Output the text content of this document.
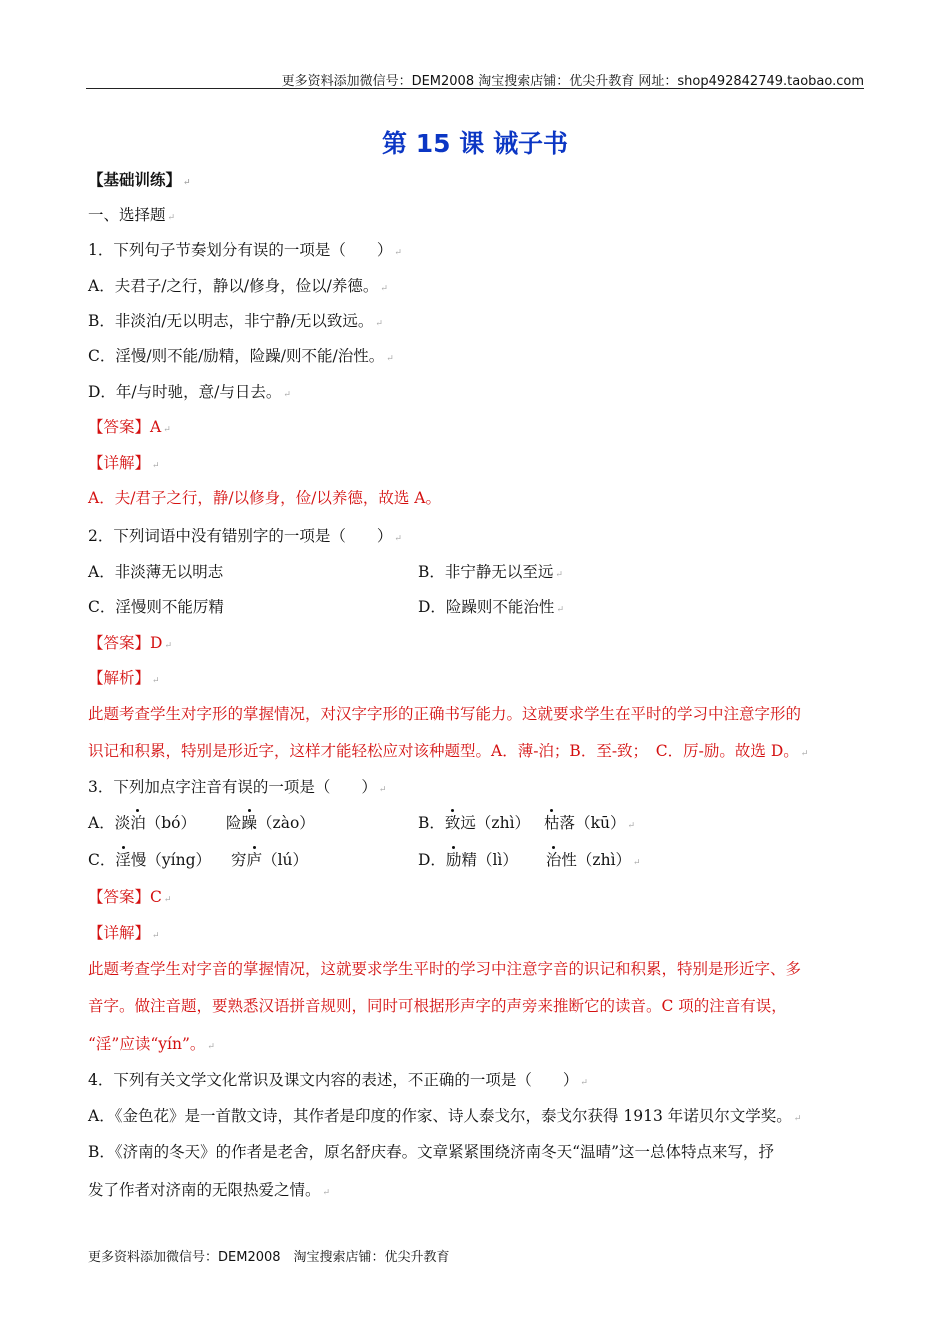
更多资料添加微信号：DEM2008 淘宝搜索店铺：优尖升教育 网址：shop492842749.taobao.com
第 15 课 诫子书
【基础训练】 ↵
一、选择题 ↵
1．下列句子节奏划分有误的一项是（　　） ↵
A．夫君子/之行，静以/修身，俭以/养德。 ↵
B．非淡泊/无以明志，非宁静/无以致远。 ↵
C．淫慢/则不能/励精，险躁/则不能/治性。 ↵
D．年/与时驰，意/与日去。 ↵
【答案】A ↵
【详解】 ↵
A．夫/君子之行，静/以修身，俭/以养德，故选 A。
2．下列词语中没有错别字的一项是（　　） ↵
A．非淡薄无以明志	B．非宁静无以至远 ↵
C．淫慢则不能厉精	D．险躁则不能治性 ↵
【答案】D ↵
【解析】 ↵
此题考查学生对字形的掌握情况，对汉字字形的正确书写能力。这就要求学生在平时的学习中注意字形的
识记和积累，特别是形近字，这样才能轻松应对该种题型。A．薄-泊；B．至-致；　C．厉-励。故选 D。 ↵
3．下列加点字注音有误的一项是（　　） ↵
A．淡泊（bó） 险躁（zào）	B．致远（zhì） 枯落（kū） ↵
C．淫慢（yíng） 穷庐（lú）	D．励精（lì） 治性（zhì） ↵
【答案】C ↵
【详解】 ↵
此题考查学生对字音的掌握情况，这就要求学生平时的学习中注意字音的识记和积累，特别是形近字、多
音字。做注音题，要熟悉汉语拼音规则，同时可根据形声字的声旁来推断它的读音。C 项的注音有误，
“淫”应读“yín”。 ↵
4．下列有关文学文化常识及课文内容的表述，不正确的一项是（　　） ↵
A．《金色花》是一首散文诗，其作者是印度的作家、诗人泰戈尔，泰戈尔获得 1913 年诺贝尔文学奖。 ↵
B．《济南的冬天》的作者是老舍，原名舒庆春。文章紧紧围绕济南冬天“温晴”这一总体特点来写，抒
发了作者对济南的无限热爱之情。 ↵
更多资料添加微信号：DEM2008　淘宝搜索店铺：优尖升教育
